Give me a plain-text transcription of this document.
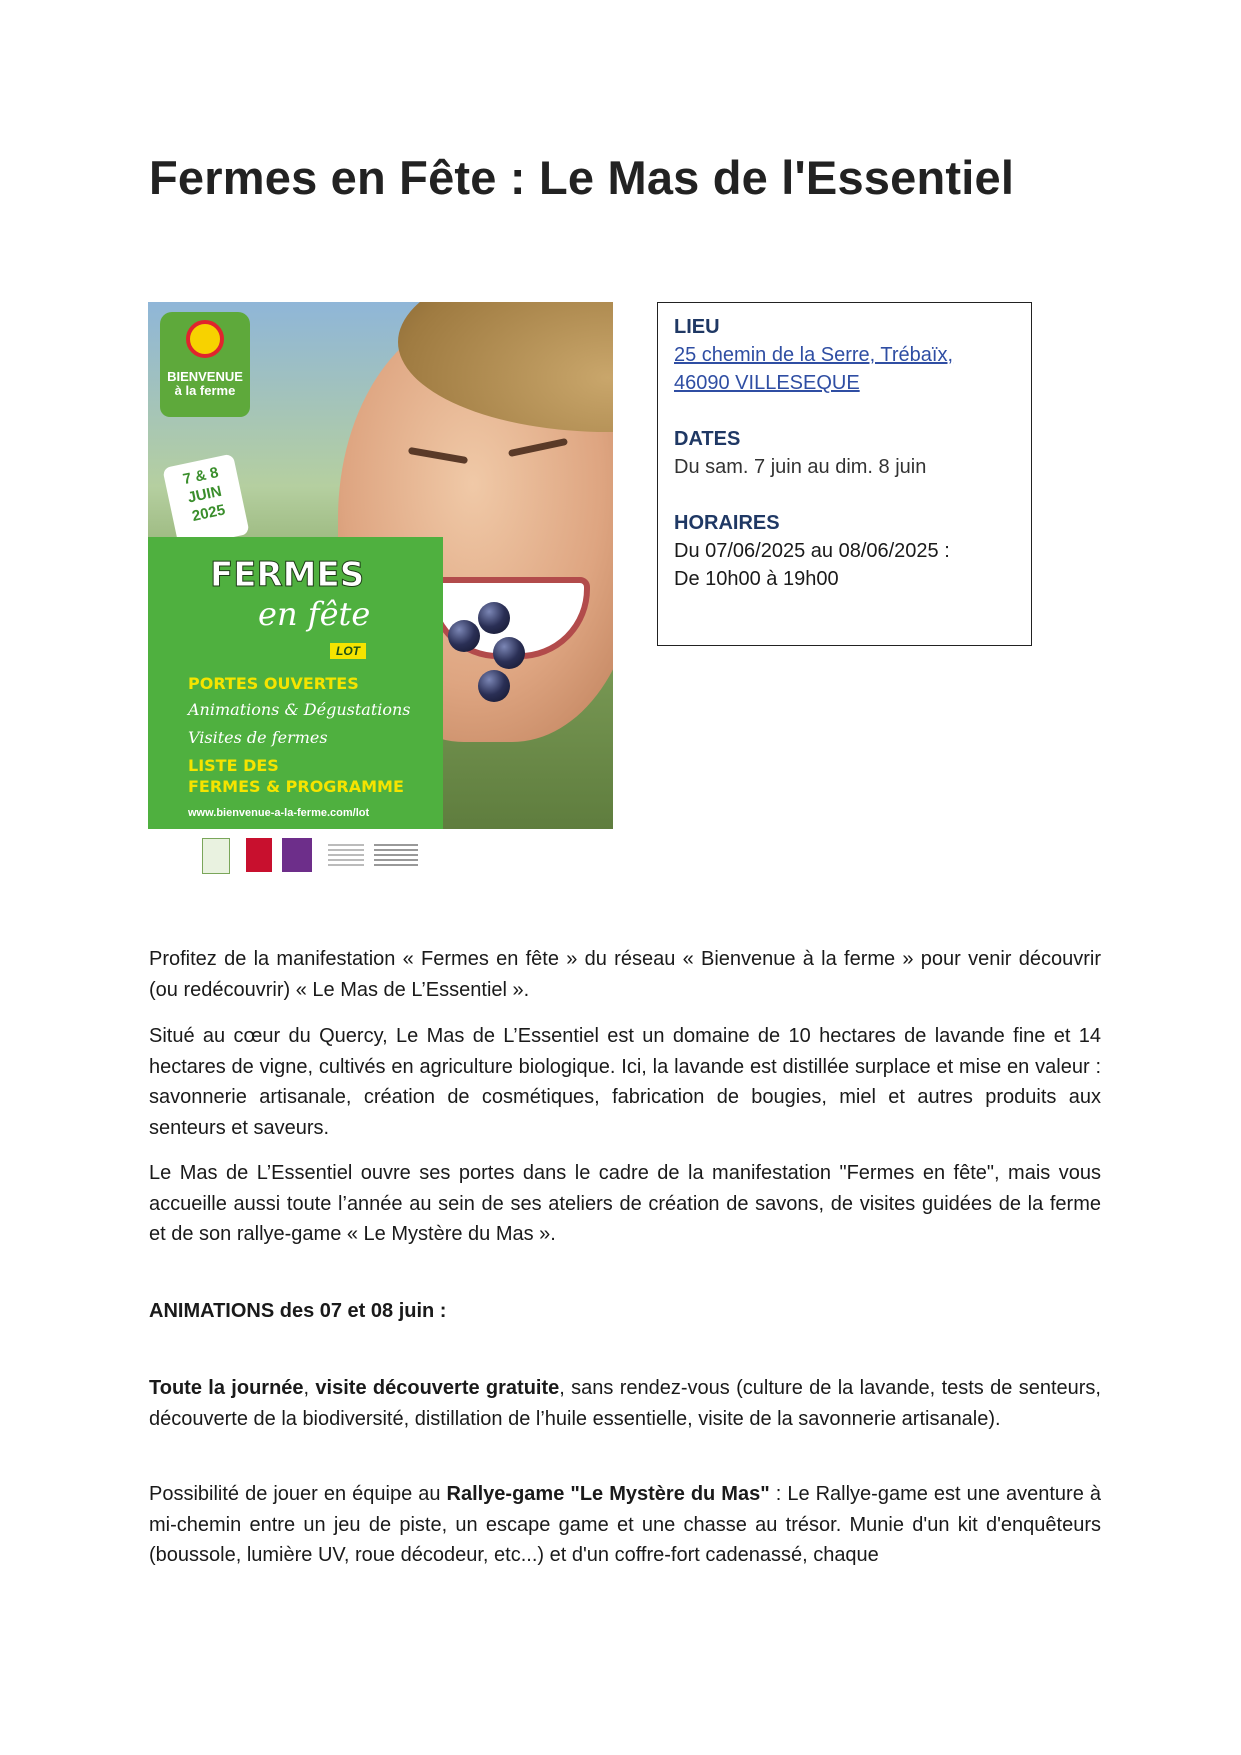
Fermes en Fête : Le Mas de l'Essentiel
BIENVENUE
à la ferme
7 & 8
JUIN
2025
FERMES
en fête
LOT
PORTES OUVERTES
Animations & Dégustations
Visites de fermes
LISTE DES
FERMES & PROGRAMME
www.bienvenue-a-la-ferme.com/lot

LIEU

25 chemin de la Serre, Trébaïx,

46090 VILLESEQUE

DATES

Du sam. 7 juin au dim. 8 juin

HORAIRES

Du 07/06/2025 au 08/06/2025 :

De 10h00 à 19h00

Profitez de la manifestation « Fermes en fête » du réseau « Bienvenue à la ferme » pour venir découvrir (ou redécouvrir) « Le Mas de L’Essentiel ».

Situé au cœur du Quercy, Le Mas de L’Essentiel est un domaine de 10 hectares de lavande fine et 14 hectares de vigne, cultivés en agriculture biologique. Ici, la lavande est distillée surplace et mise en valeur : savonnerie artisanale, création de cosmétiques, fabrication de bougies, miel et autres produits aux senteurs et saveurs.

Le Mas de L’Essentiel ouvre ses portes dans le cadre de la manifestation "Fermes en fête", mais vous accueille aussi toute l’année au sein de ses ateliers de création de savons, de visites guidées de la ferme et de son rallye-game « Le Mystère du Mas ».

ANIMATIONS des 07 et 08 juin :

Toute la journée, visite découverte gratuite, sans rendez-vous (culture de la lavande, tests de senteurs, découverte de la biodiversité, distillation de l’huile essentielle, visite de la savonnerie artisanale).

Possibilité de jouer en équipe au Rallye-game "Le Mystère du Mas" : Le Rallye-game est une aventure à mi-chemin entre un jeu de piste, un escape game et une chasse au trésor. Munie d'un kit d'enquêteurs (boussole, lumière UV, roue décodeur, etc...) et d'un coffre-fort cadenassé, chaque
